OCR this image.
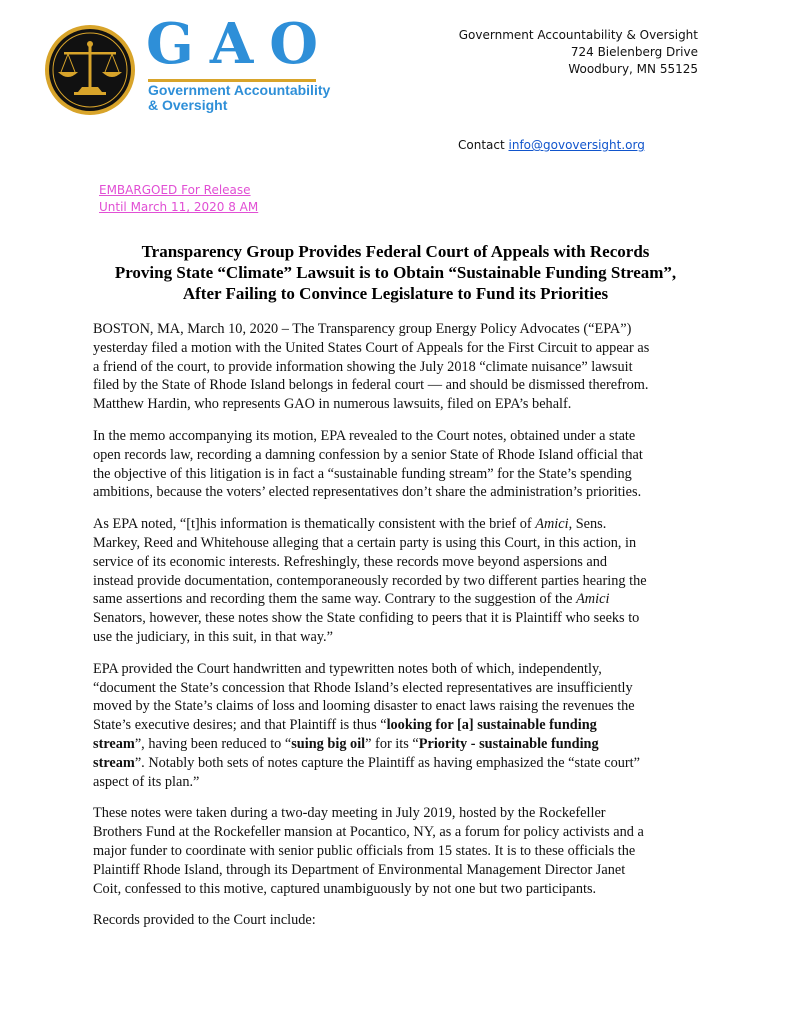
GAO
Government Accountability
& Oversight
Government Accountability & Oversight
724 Bielenberg Drive
Woodbury, MN 55125
Contact info@govoversight.org
EMBARGOED For Release
Until March 11, 2020 8 AM
Transparency Group Provides Federal Court of Appeals with Records
Proving State “Climate” Lawsuit is to Obtain “Sustainable Funding Stream”,
After Failing to Convince Legislature to Fund its Priorities

BOSTON, MA, March 10, 2020 – The Transparency group Energy Policy Advocates (“EPA”)
yesterday filed a motion with the United States Court of Appeals for the First Circuit to appear as
a friend of the court, to provide information showing the July 2018 “climate nuisance” lawsuit
filed by the State of Rhode Island belongs in federal court — and should be dismissed therefrom.
Matthew Hardin, who represents GAO in numerous lawsuits, filed on EPA’s behalf.

In the memo accompanying its motion, EPA revealed to the Court notes, obtained under a state
open records law, recording a damning confession by a senior State of Rhode Island official that
the objective of this litigation is in fact a “sustainable funding stream” for the State’s spending
ambitions, because the voters’ elected representatives don’t share the administration’s priorities.

As EPA noted, “[t]his information is thematically consistent with the brief of Amici, Sens.
Markey, Reed and Whitehouse alleging that a certain party is using this Court, in this action, in
service of its economic interests. Refreshingly, these records move beyond aspersions and
instead provide documentation, contemporaneously recorded by two different parties hearing the
same assertions and recording them the same way. Contrary to the suggestion of the Amici
Senators, however, these notes show the State confiding to peers that it is Plaintiff who seeks to
use the judiciary, in this suit, in that way.”

EPA provided the Court handwritten and typewritten notes both of which, independently,
“document the State’s concession that Rhode Island’s elected representatives are insufficiently
moved by the State’s claims of loss and looming disaster to enact laws raising the revenues the
State’s executive desires; and that Plaintiff is thus “looking for [a] sustainable funding
stream”, having been reduced to “suing big oil” for its “Priority - sustainable funding
stream”. Notably both sets of notes capture the Plaintiff as having emphasized the “state court”
aspect of its plan.”

These notes were taken during a two-day meeting in July 2019, hosted by the Rockefeller
Brothers Fund at the Rockefeller mansion at Pocantico, NY, as a forum for policy activists and a
major funder to coordinate with senior public officials from 15 states. It is to these officials the
Plaintiff Rhode Island, through its Department of Environmental Management Director Janet
Coit, confessed to this motive, captured unambiguously by not one but two participants.

Records provided to the Court include:
